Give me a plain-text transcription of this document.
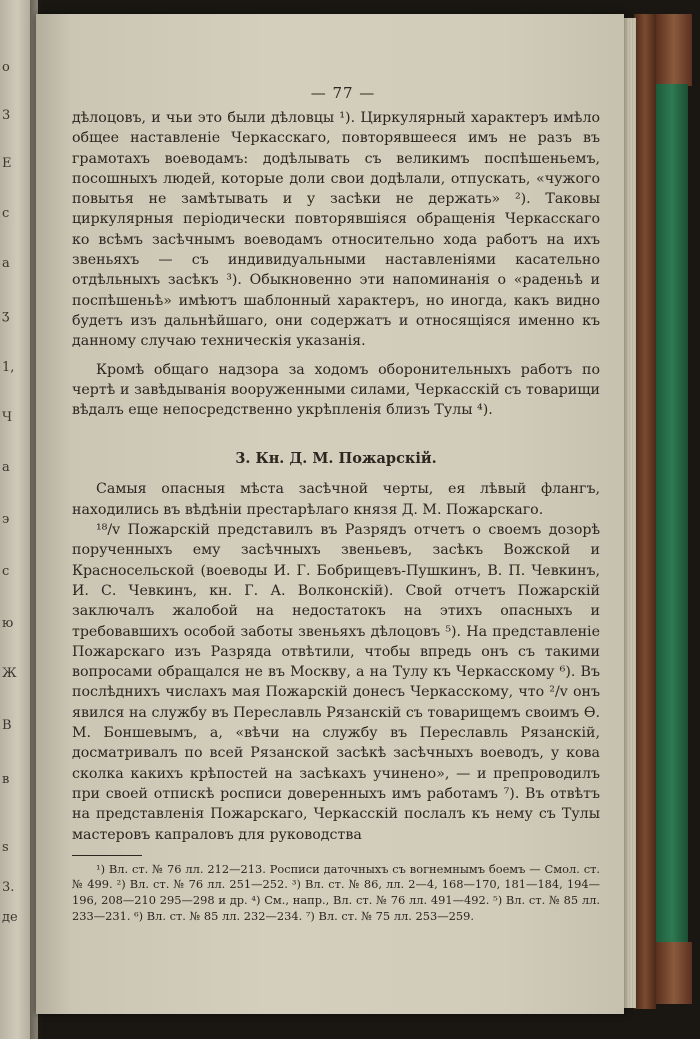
o
3
E
c
a
ʒ
1,
Ч
а
э
c
ю
Ж
B
в
s
3.
де
— 77 —

дѣлоцовъ, и чьи это были дѣловцы ¹). Циркулярный характеръ имѣло общее наставленіе Черкасскаго, повторявшееся имъ не разъ въ грамотахъ воеводамъ: додѣлывать съ великимъ поспѣшеньемъ, посошныхъ людей, которые доли свои додѣлали, отпускать, «чужого повытья не замѣтывать и у засѣки не держать» ²). Таковы циркулярныя періодически повторявшіяся обращенія Черкасскаго ко всѣмъ засѣчнымъ воеводамъ относительно хода работъ на ихъ звеньяхъ — съ индивидуальными наставленіями касательно отдѣльныхъ засѣкъ ³). Обыкновенно эти напоминанія о «раденьѣ и поспѣшеньѣ» имѣютъ шаблонный характеръ, но иногда, какъ видно будетъ изъ дальнѣйшаго, они содержатъ и относящіяся именно къ данному случаю техническія указанія.

Кромѣ общаго надзора за ходомъ оборонительныхъ работъ по чертѣ и завѣдыванія вооруженными силами, Черкасскій съ товарищи вѣдалъ еще непосредственно укрѣпленія близъ Тулы ⁴).

3. Кн. Д. М. Пожарскій.

Самыя опасныя мѣста засѣчной черты, ея лѣвый флангъ, находились въ вѣдѣніи престарѣлаго князя Д. М. Пожарскаго.

¹⁸/v Пожарскій представилъ въ Разрядъ отчетъ о своемъ дозорѣ порученныхъ ему засѣчныхъ звеньевъ, засѣкъ Вожской и Красносельской (воеводы И. Г. Бобрищевъ-Пушкинъ, В. П. Чевкинъ, И. С. Чевкинъ, кн. Г. А. Волконскій). Свой отчетъ Пожарскій заключалъ жалобой на недостатокъ на этихъ опасныхъ и требовавшихъ особой заботы звеньяхъ дѣлоцовъ ⁵). На представленіе Пожарскаго изъ Разряда отвѣтили, чтобы впредь онъ съ такими вопросами обращался не въ Москву, а на Тулу къ Черкасскому ⁶). Въ послѣднихъ числахъ мая Пожарскій донесъ Черкасскому, что ²/v онъ явился на службу въ Переславль Рязанскій съ товарищемъ своимъ Ѳ. М. Боншевымъ, а, «вѣчи на службу въ Переславль Рязанскій, досматривалъ по всей Рязанской засѣкѣ засѣчныхъ воеводъ, у кова сколка какихъ крѣпостей на засѣкахъ учинено», — и препроводилъ при своей отпискѣ росписи доверенныхъ имъ работамъ ⁷). Въ отвѣтъ на представленія Пожарскаго, Черкасскій послалъ къ нему съ Тулы мастеровъ капраловъ для руководства

¹) Вл. ст. № 76 лл. 212—213. Росписи даточныхъ съ вогнемнымъ боемъ — Смол. ст. № 499. ²) Вл. ст. № 76 лл. 251—252. ³) Вл. ст. № 86, лл. 2—4, 168—170, 181—184, 194—196, 208—210 295—298 и др. ⁴) См., напр., Вл. ст. № 76 лл. 491—492. ⁵) Вл. ст. № 85 лл. 233—231. ⁶) Вл. ст. № 85 лл. 232—234. ⁷) Вл. ст. № 75 лл. 253—259.
